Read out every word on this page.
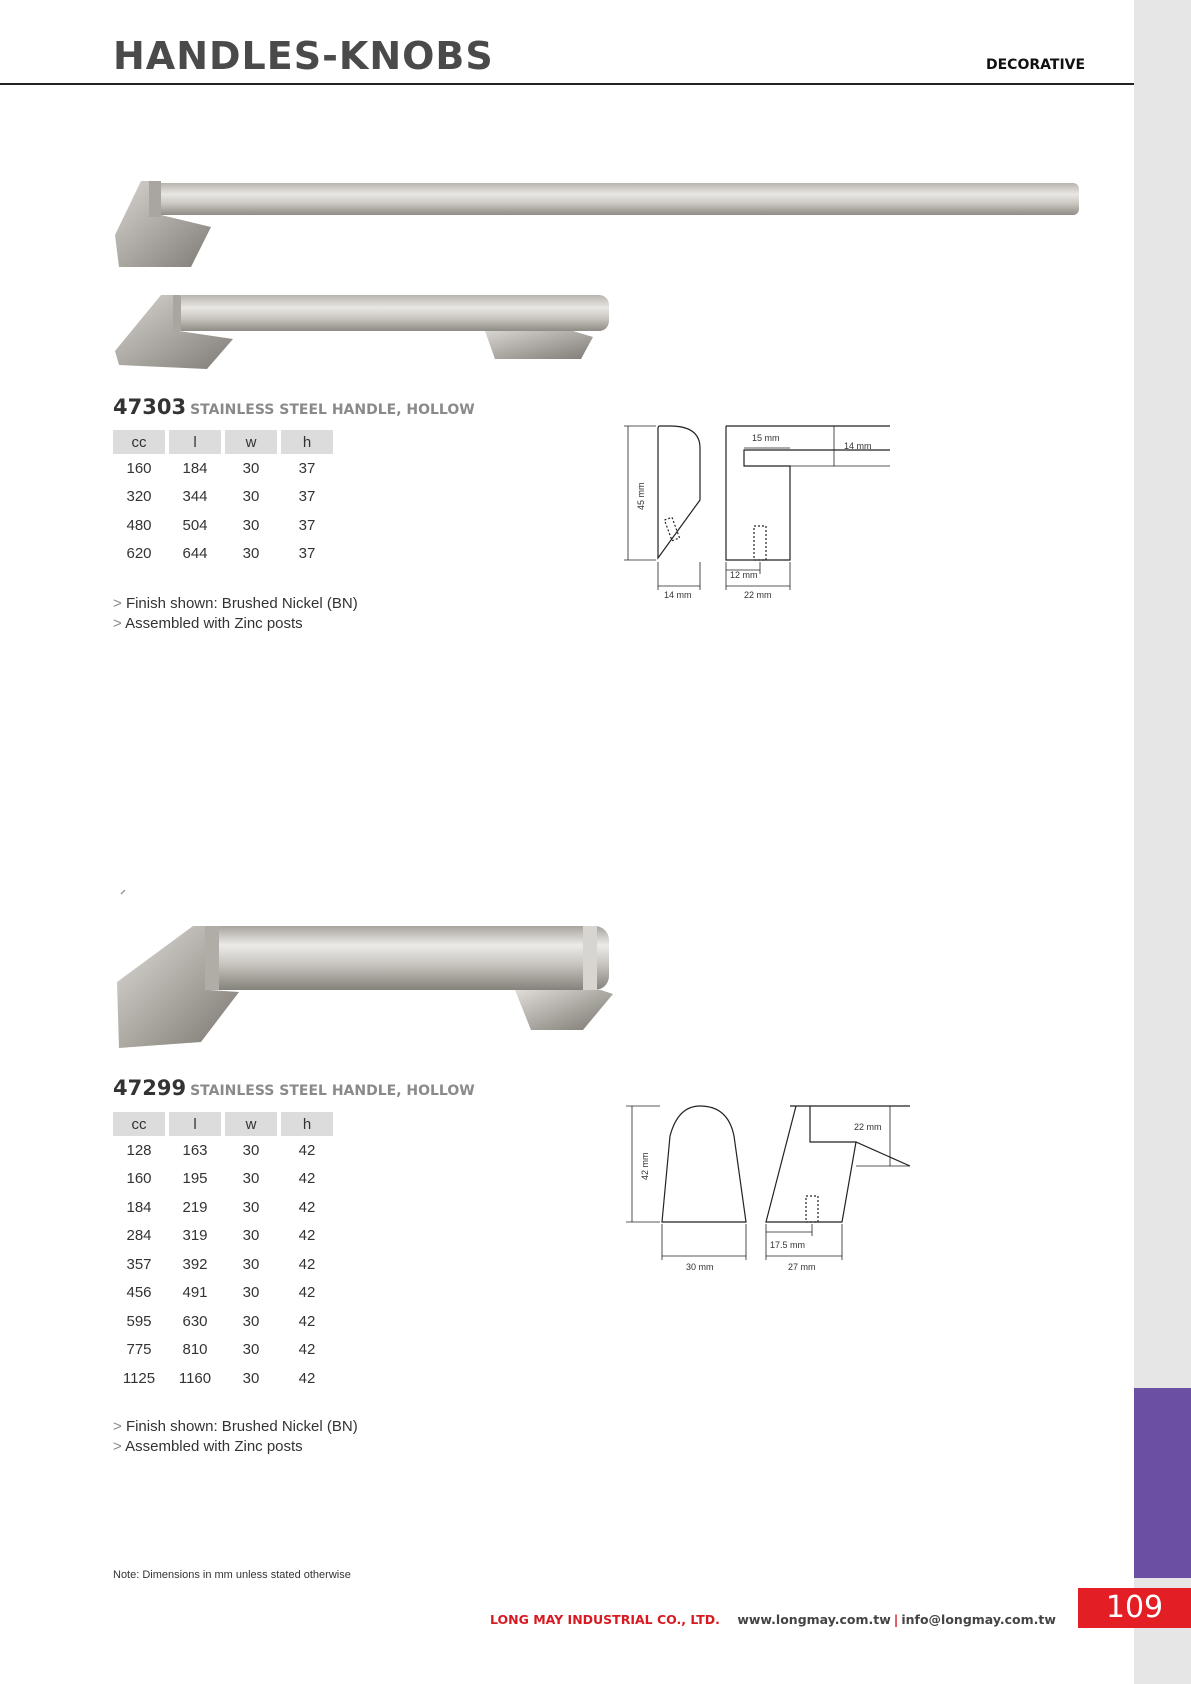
HANDLES-KNOBS	DECORATIVE
47303 STAINLESS STEEL HANDLE, HOLLOW
cc	l	w	h
160	184	30	37
320	344	30	37
480	504	30	37
620	644	30	37
> Finish shown: Brushed Nickel (BN)
> Assembled with Zinc posts
45 mm
14 mm	22 mm
15 mm
14 mm
12 mm
47299 STAINLESS STEEL HANDLE, HOLLOW
cc	l	w	h
128	163	30	42
160	195	30	42
184	219	30	42
284	319	30	42
357	392	30	42
456	491	30	42
595	630	30	42
775	810	30	42
1125	1160	30	42
> Finish shown: Brushed Nickel (BN)
> Assembled with Zinc posts
42 mm
30 mm	27 mm
22 mm
17.5 mm
Note: Dimensions in mm unless stated otherwise
LONG MAY INDUSTRIAL CO., LTD. www.longmay.com.tw | info@longmay.com.tw	109
